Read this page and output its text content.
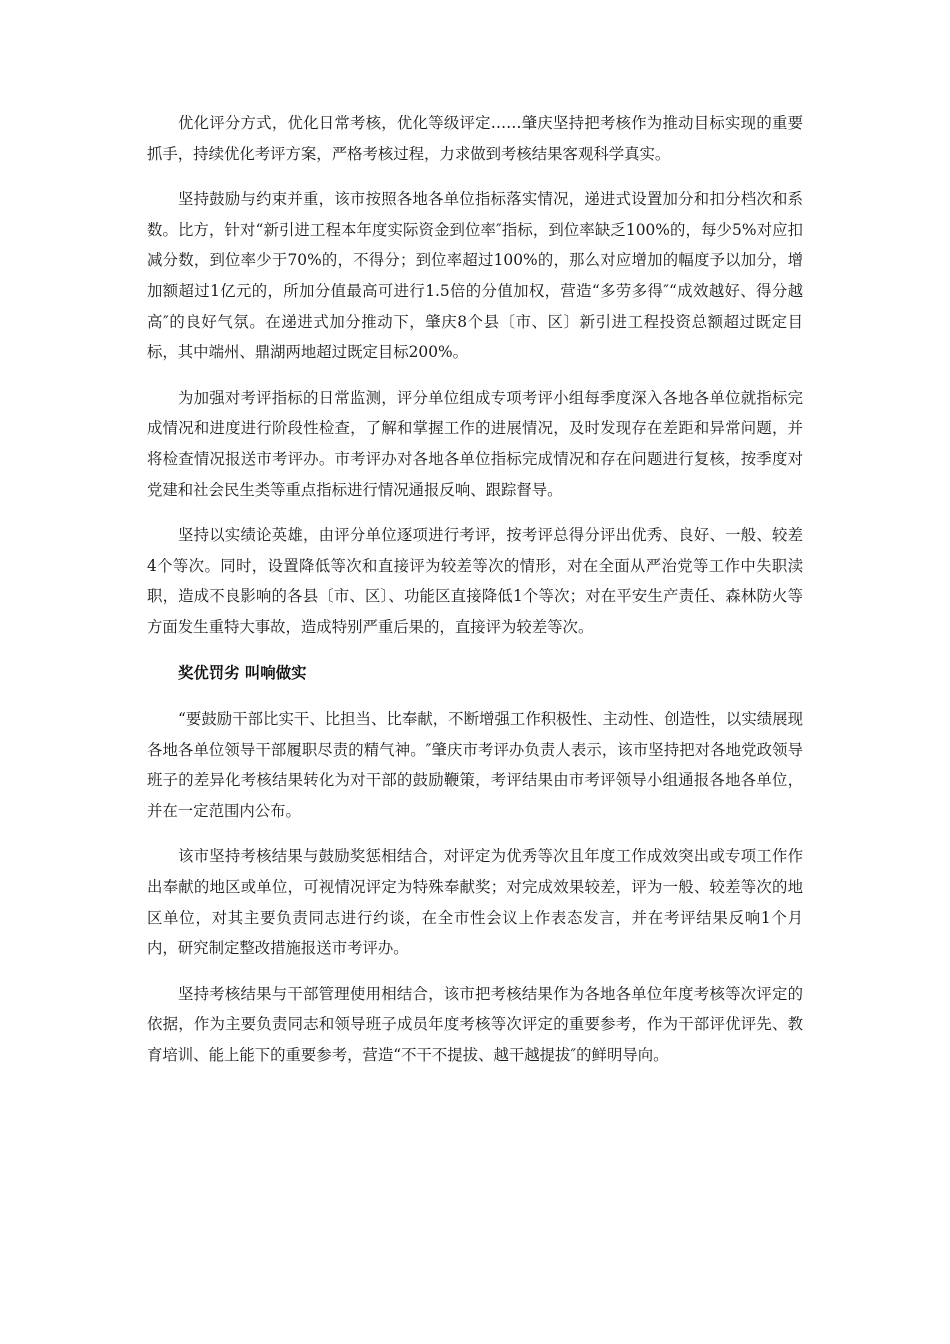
优化评分方式，优化日常考核，优化等级评定……肇庆坚持把考核作为推动目标实现的重要抓手，持续优化考评方案，严格考核过程，力求做到考核结果客观科学真实。

坚持鼓励与约束并重，该市按照各地各单位指标落实情况，递进式设置加分和扣分档次和系数。比方，针对“新引进工程本年度实际资金到位率″指标，到位率缺乏100%的，每少5%对应扣减分数，到位率少于70%的，不得分；到位率超过100%的，那么对应增加的幅度予以加分，增加额超过1亿元的，所加分值最高可进行1.5倍的分值加权，营造“多劳多得″“成效越好、得分越高″的良好气氛。在递进式加分推动下，肇庆8个县〔市、区〕新引进工程投资总额超过既定目标，其中端州、鼎湖两地超过既定目标200%。

为加强对考评指标的日常监测，评分单位组成专项考评小组每季度深入各地各单位就指标完成情况和进度进行阶段性检查，了解和掌握工作的进展情况，及时发现存在差距和异常问题，并将检查情况报送市考评办。市考评办对各地各单位指标完成情况和存在问题进行复核，按季度对党建和社会民生类等重点指标进行情况通报反响、跟踪督导。

坚持以实绩论英雄，由评分单位逐项进行考评，按考评总得分评出优秀、良好、一般、较差4个等次。同时，设置降低等次和直接评为较差等次的情形，对在全面从严治党等工作中失职渎职，造成不良影响的各县〔市、区〕、功能区直接降低1个等次；对在平安生产责任、森林防火等方面发生重特大事故，造成特别严重后果的，直接评为较差等次。

奖优罚劣 叫响做实

“要鼓励干部比实干、比担当、比奉献，不断增强工作积极性、主动性、创造性，以实绩展现各地各单位领导干部履职尽责的精气神。″肇庆市考评办负责人表示，该市坚持把对各地党政领导班子的差异化考核结果转化为对干部的鼓励鞭策，考评结果由市考评领导小组通报各地各单位，并在一定范围内公布。

该市坚持考核结果与鼓励奖惩相结合，对评定为优秀等次且年度工作成效突出或专项工作作出奉献的地区或单位，可视情况评定为特殊奉献奖；对完成效果较差，评为一般、较差等次的地区单位，对其主要负责同志进行约谈，在全市性会议上作表态发言，并在考评结果反响1个月内，研究制定整改措施报送市考评办。

坚持考核结果与干部管理使用相结合，该市把考核结果作为各地各单位年度考核等次评定的依据，作为主要负责同志和领导班子成员年度考核等次评定的重要参考，作为干部评优评先、教育培训、能上能下的重要参考，营造“不干不提拔、越干越提拔″的鲜明导向。
